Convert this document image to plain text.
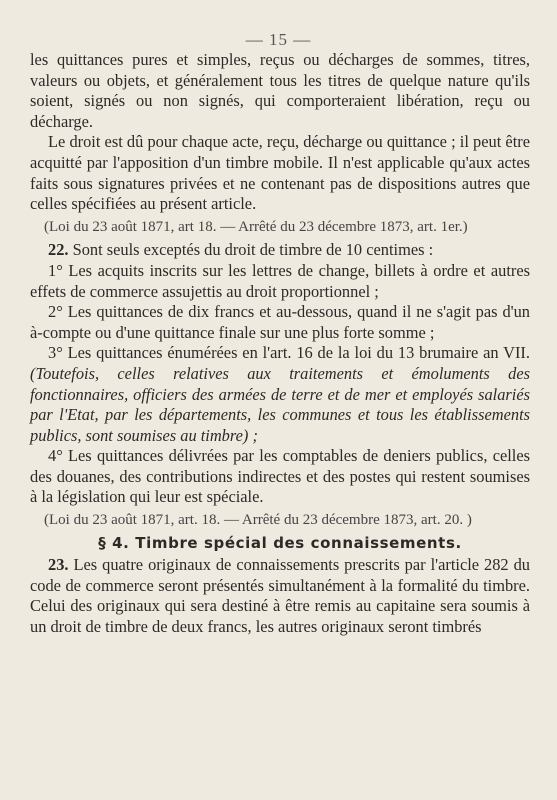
— 15 —

les quittances pures et simples, reçus ou décharges de sommes, titres, valeurs ou objets, et généralement tous les titres de quelque nature qu'ils soient, signés ou non signés, qui comporteraient libération, reçu ou décharge.

Le droit est dû pour chaque acte, reçu, décharge ou quittance ; il peut être acquitté par l'apposition d'un timbre mobile. Il n'est applicable qu'aux actes faits sous signatures privées et ne contenant pas de dispositions autres que celles spécifiées au présent article.

(Loi du 23 août 1871, art 18. — Arrêté du 23 décembre 1873, art. 1er.)

22. Sont seuls exceptés du droit de timbre de 10 centimes :

1° Les acquits inscrits sur les lettres de change, billets à ordre et autres effets de commerce assujettis au droit proportionnel ;

2° Les quittances de dix francs et au-dessous, quand il ne s'agit pas d'un à-compte ou d'une quittance finale sur une plus forte somme ;

3° Les quittances énumérées en l'art. 16 de la loi du 13 brumaire an VII. (Toutefois, celles relatives aux traitements et émoluments des fonctionnaires, officiers des armées de terre et de mer et employés salariés par l'Etat, par les départements, les communes et tous les établissements publics, sont soumises au timbre) ;

4° Les quittances délivrées par les comptables de deniers publics, celles des douanes, des contributions indirectes et des postes qui restent soumises à la législation qui leur est spéciale.

(Loi du 23 août 1871, art. 18. — Arrêté du 23 décembre 1873, art. 20. )

§ 4. Timbre spécial des connaissements.

23. Les quatre originaux de connaissements prescrits par l'article 282 du code de commerce seront présentés simultanément à la formalité du timbre. Celui des originaux qui sera destiné à être remis au capitaine sera soumis à un droit de timbre de deux francs, les autres originaux seront timbrés
